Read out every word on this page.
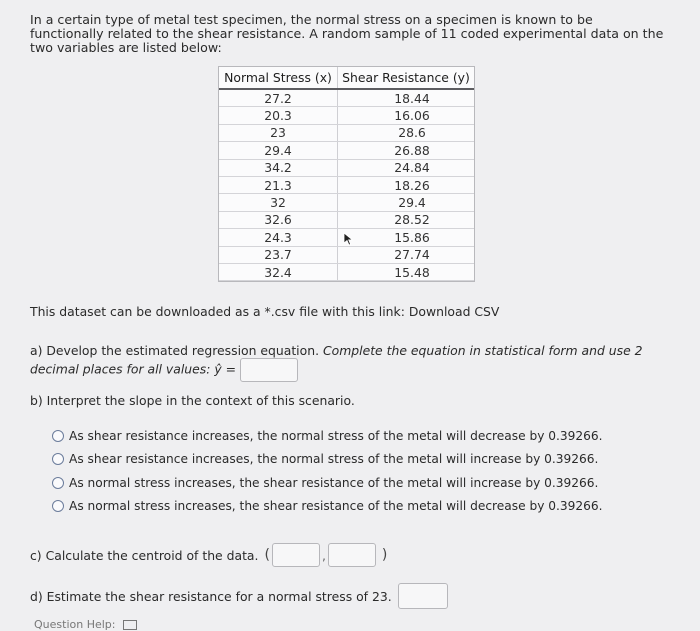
In a certain type of metal test specimen, the normal stress on a specimen is known to be functionally related to the shear resistance. A random sample of 11 coded experimental data on the two variables are listed below:
Normal Stress (x)	Shear Resistance (y)
27.2	18.44
20.3	16.06
23	28.6
29.4	26.88
34.2	24.84
21.3	18.26
32	29.4
32.6	28.52
24.3	15.86
23.7	27.74
32.4	15.48
This dataset can be downloaded as a *.csv file with this link: Download CSV
a) Develop the estimated regression equation. Complete the equation in statistical form and use 2 decimal places for all values: ŷ =
b) Interpret the slope in the context of this scenario.
As shear resistance increases, the normal stress of the metal will decrease by 0.39266.
As shear resistance increases, the normal stress of the metal will increase by 0.39266.
As normal stress increases, the shear resistance of the metal will increase by 0.39266.
As normal stress increases, the shear resistance of the metal will decrease by 0.39266.
c) Calculate the centroid of the data. (	,	)
d) Estimate the shear resistance for a normal stress of 23.
Question Help:
